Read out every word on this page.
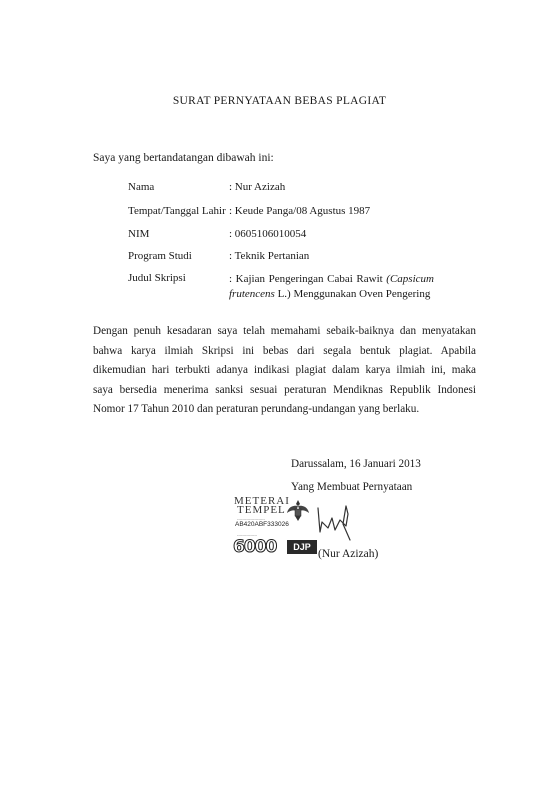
SURAT PERNYATAAN BEBAS PLAGIAT
Saya yang bertandatangan dibawah ini:
Nama	: Nur Azizah
Tempat/Tanggal Lahir : Keude Panga/08 Agustus 1987
NIM	: 0605106010054
Program Studi	: Teknik Pertanian
Judul Skripsi	: Kajian Pengeringan Cabai Rawit (Capsicum
frutencens L.) Menggunakan Oven Pengering
Dengan penuh kesadaran saya telah memahami sebaik-baiknya dan menyatakan
bahwa karya ilmiah Skripsi ini bebas dari segala bentuk plagiat. Apabila
dikemudian hari terbukti adanya indikasi plagiat dalam karya ilmiah ini, maka
saya bersedia menerima sanksi sesuai peraturan Mendiknas Republik Indonesi
Nomor 17 Tahun 2010 dan peraturan perundang-undangan yang berlaku.
Darussalam, 16 Januari 2013
Yang Membuat Pernyataan
METERAI
TEMPEL
---------------------
AB420ABF333026
---------------
6000	DJP
(Nur Azizah)
